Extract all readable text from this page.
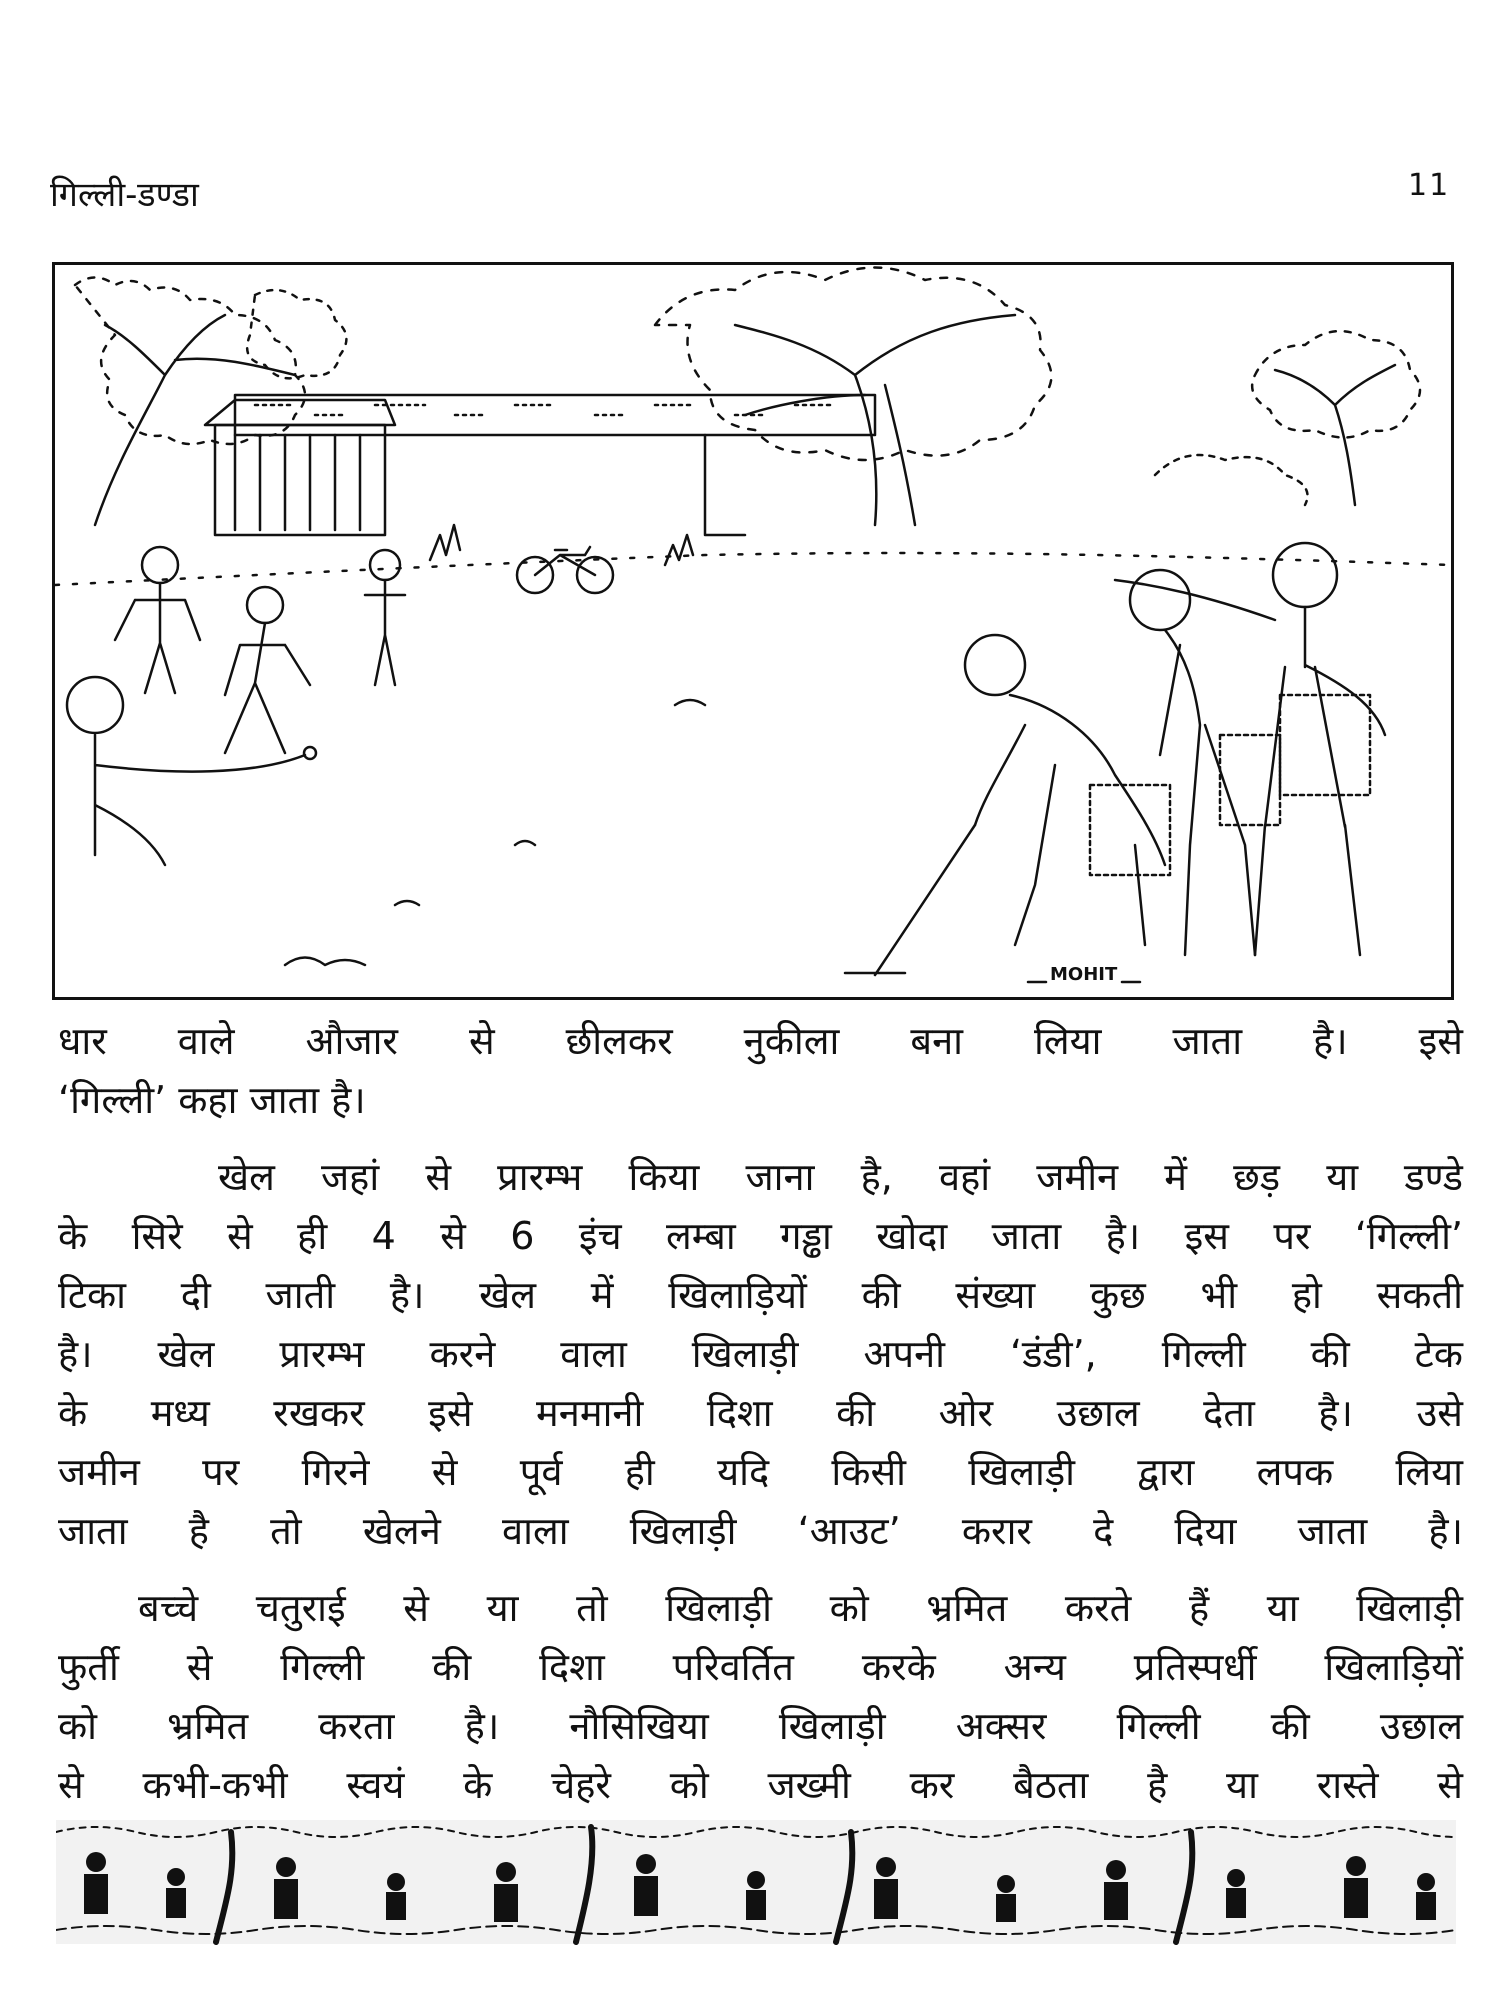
गिल्ली-डण्डा	11
MOHIT

धार वाले औजार से छीलकर नुकीला बना लिया जाता है। इसे
‘गिल्ली’ कहा जाता है।

खेल जहां से प्रारम्भ किया जाना है, वहां जमीन में छड़ या डण्डे
के सिरे से ही 4 से 6 इंच लम्बा गड्ढा खोदा जाता है। इस पर ‘गिल्ली’
टिका दी जाती है। खेल में खिलाड़ियों की संख्या कुछ भी हो सकती
है। खेल प्रारम्भ करने वाला खिलाड़ी अपनी ‘डंडी’, गिल्ली की टेक
के मध्य रखकर इसे मनमानी दिशा की ओर उछाल देता है। उसे
जमीन पर गिरने से पूर्व ही यदि किसी खिलाड़ी द्वारा लपक लिया
जाता है तो खेलने वाला खिलाड़ी ‘आउट’ करार दे दिया जाता है।

बच्चे चतुराई से या तो खिलाड़ी को भ्रमित करते हैं या खिलाड़ी
फुर्ती से गिल्ली की दिशा परिवर्तित करके अन्य प्रतिस्पर्धी खिलाड़ियों
को भ्रमित करता है। नौसिखिया खिलाड़ी अक्सर गिल्ली की उछाल
से कभी-कभी स्वयं के चेहरे को जख्मी कर बैठता है या रास्ते से
